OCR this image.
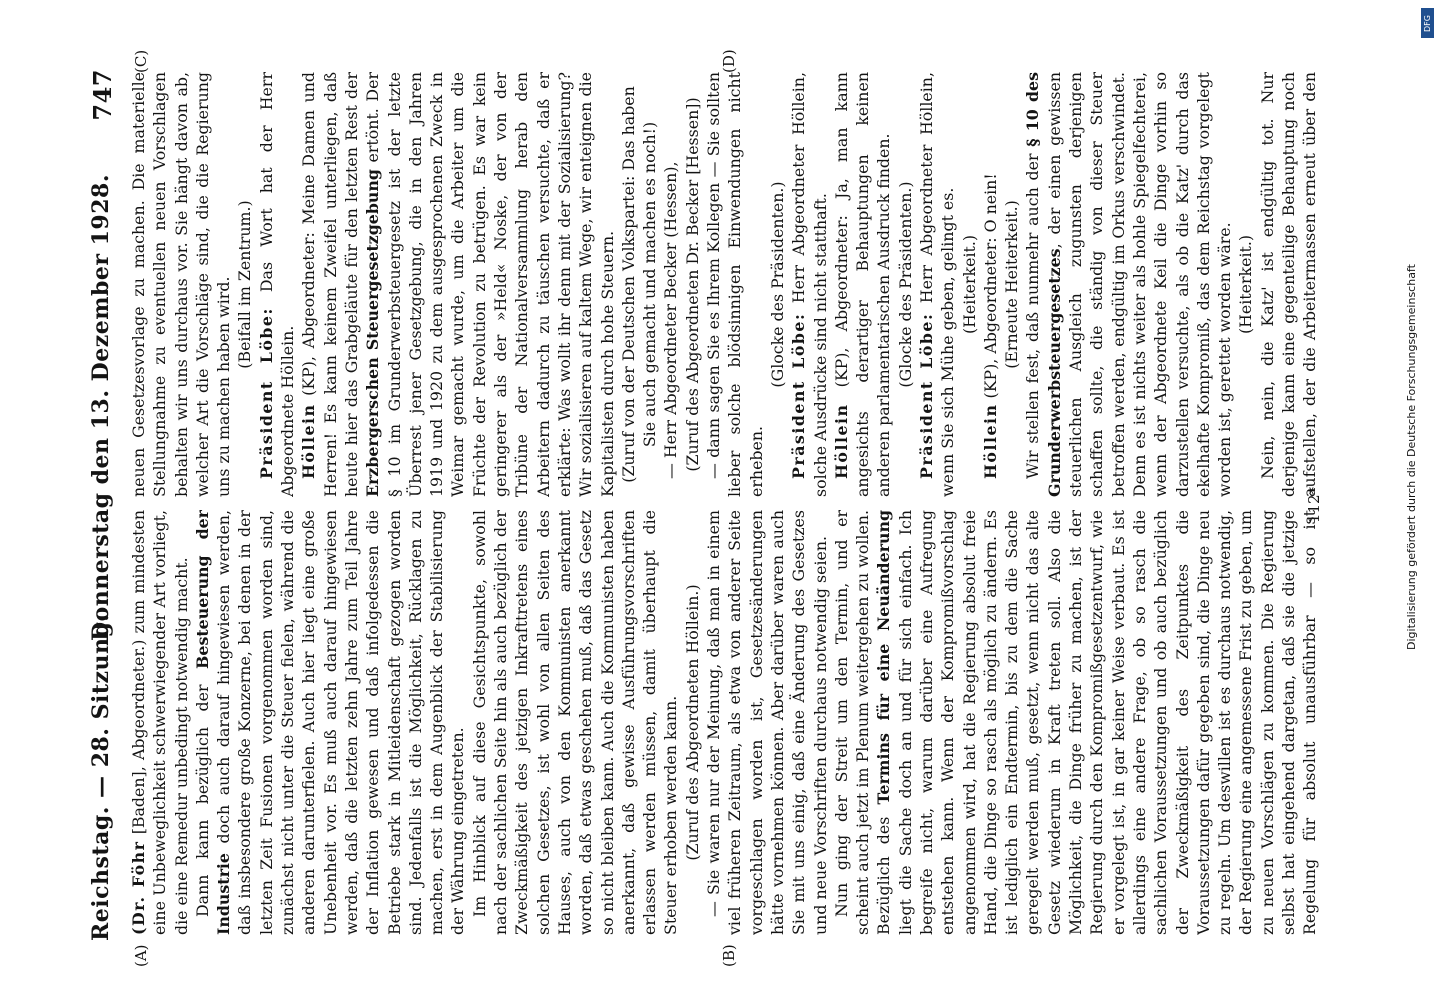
Reichstag. — 28. Sitzung.
Donnerstag den 13. Dezember 1928.
747
(A)	(B)
(C)	(D)

(Dr. Föhr [Baden], Abgeordneter.) zum mindesten eine Unbeweglichkeit schwerwiegender Art vorliegt, die eine Remedur unbedingt notwendig macht. Dann kann bezüglich der Besteuerung der Industrie doch auch darauf hingewiesen werden, daß insbesondere große Konzerne, bei denen in der letzten Zeit Fusionen vorgenommen worden sind, zunächst nicht unter die Steuer fielen, während die anderen darunterfielen. Auch hier liegt eine große Unebenheit vor. Es muß auch darauf hingewiesen werden, daß die letzten zehn Jahre zum Teil Jahre der Inflation gewesen und daß infolgedessen die Betriebe stark in Mitleidenschaft gezogen worden sind. Jedenfalls ist die Möglichkeit, Rücklagen zu machen, erst in dem Augenblick der Stabilisierung der Währung eingetreten. Im Hinblick auf diese Gesichtspunkte, sowohl nach der sachlichen Seite hin als auch bezüglich der Zweckmäßigkeit des jetzigen Inkrafttretens eines solchen Gesetzes, ist wohl von allen Seiten des Hauses, auch von den Kommunisten anerkannt worden, daß etwas geschehen muß, daß das Gesetz so nicht bleiben kann. Auch die Kommunisten haben anerkannt, daß gewisse Ausführungsvorschriften erlassen werden müssen, damit überhaupt die Steuer erhoben werden kann. (Zuruf des Abgeordneten Höllein.) — Sie waren nur der Meinung, daß man in einem viel früheren Zeitraum, als etwa von anderer Seite vorgeschlagen worden ist, Gesetzesänderungen hätte vornehmen können. Aber darüber waren auch Sie mit uns einig, daß eine Änderung des Gesetzes und neue Vorschriften durchaus notwendig seien. Nun ging der Streit um den Termin, und er scheint auch jetzt im Plenum weitergehen zu wollen. Bezüglich des Termins für eine Neuänderung liegt die Sache doch an und für sich einfach. Ich begreife nicht, warum darüber eine Aufregung entstehen kann. Wenn der Kompromißvorschlag angenommen wird, hat die Regierung absolut freie Hand, die Dinge so rasch als möglich zu ändern. Es ist lediglich ein Endtermin, bis zu dem die Sache geregelt werden muß, gesetzt, wenn nicht das alte Gesetz wiederum in Kraft treten soll. Also die Möglichkeit, die Dinge früher zu machen, ist der Regierung durch den Kompromißgesetzentwurf, wie er vorgelegt ist, in gar keiner Weise verbaut. Es ist allerdings eine andere Frage, ob so rasch die sachlichen Voraussetzungen und ob auch bezüglich der Zweckmäßigkeit des Zeitpunktes die Voraussetzungen dafür gegeben sind, die Dinge neu zu regeln. Um deswillen ist es durchaus notwendig, der Regierung eine angemessene Frist zu geben, um zu neuen Vorschlägen zu kommen. Die Regierung selbst hat eingehend dargetan, daß sie die jetzige Regelung für absolut unausführbar — so ist

neuen Gesetzesvorlage zu machen. Die materielle Stellungnahme zu eventuellen neuen Vorschlagen behalten wir uns durchaus vor. Sie hängt davon ab, welcher Art die Vorschläge sind, die die Regierung uns zu machen haben wird. (Beifall im Zentrum.)

Präsident Löbe: Das Wort hat der Herr Abgeordnete Höllein. Höllein (KP), Abgeordneter: Meine Damen und Herren! Es kann keinem Zweifel unterliegen, daß heute hier das Grabgeläute für den letzten Rest der Erzbergerschen Steuergesetzgebung ertönt. Der § 10 im Grunderwerbsteuergesetz ist der letzte Überrest jener Gesetzgebung, die in den Jahren 1919 und 1920 zu dem ausgesprochenen Zweck in Weimar gemacht wurde, um die Arbeiter um die Früchte der Revolution zu betrügen. Es war kein geringerer als der »Held« Noske, der von der Tribüne der Nationalversammlung herab den Arbeitern dadurch zu täuschen versuchte, daß er erklärte: Was wollt ihr denn mit der Sozialisierung? Wir sozialisieren auf kaltem Wege, wir enteignen die Kapitalisten durch hohe Steuern. (Zuruf von der Deutschen Volkspartei: Das haben Sie auch gemacht und machen es noch!) — Herr Abgeordneter Becker (Hessen), (Zuruf des Abgeordneten Dr. Becker [Hessen]) — dann sagen Sie es Ihrem Kollegen — Sie sollten lieber solche blödsinnigen Einwendungen nicht erheben.

(Glocke des Präsidenten.)

Präsident Löbe: Herr Abgeordneter Höllein, solche Ausdrücke sind nicht statthaft. Höllein (KP), Abgeordneter: Ja, man kann angesichts derartiger Behauptungen keinen anderen parlamentarischen Ausdruck finden. (Glocke des Präsidenten.)

Präsident Löbe: Herr Abgeordneter Höllein, wenn Sie sich Mühe geben, gelingt es. (Heiterkeit.)

Höllein (KP), Abgeordneter: O nein! (Erneute Heiterkeit.) Wir stellen fest, daß nunmehr auch der § 10 des Grunderwerbsteuergesetzes, der einen gewissen steuerlichen Ausgleich zugunsten derjenigen schaffen sollte, die ständig von dieser Steuer betroffen werden, endgültig im Orkus verschwindet. Denn es ist nichts weiter als hohle Spiegelfechterei, wenn der Abgeordnete Keil die Dinge vorhin so darzustellen versuchte, als ob die Katz' durch das ekelhafte Kompromiß, das dem Reichstag vorgelegt worden ist, gerettet worden wäre. (Heiterkeit.)

Nein, nein, die Katz' ist endgültig tot. Nur derjenige kann eine gegenteilige Behauptung noch aufstellen, der die Arbeitermassen erneut über den

112*	Digitalisierung gefördert durch die Deutsche Forschungsgemeinschaft
DFG
